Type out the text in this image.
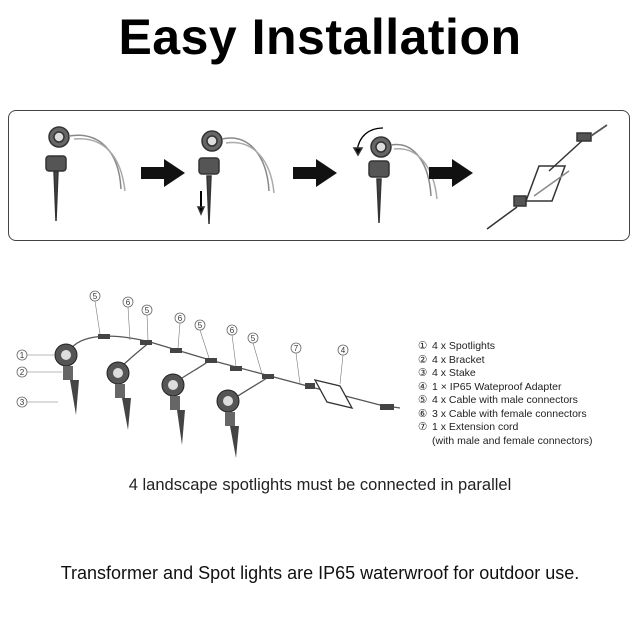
Easy Installation
1
2
3
5
6
5
6
5
6
5
7	4	① 4 x Spotlights
② 4 x Bracket
③ 4 x Stake
④ 1 × IP65 Wateproof Adapter
⑤ 4 x Cable with male connectors
⑥ 3 x Cable with female connectors
⑦ 1 x Extension cord
(with male and female connectors)
4 landscape spotlights must be connected in parallel
Transformer and Spot lights are IP65 waterwroof for outdoor use.
